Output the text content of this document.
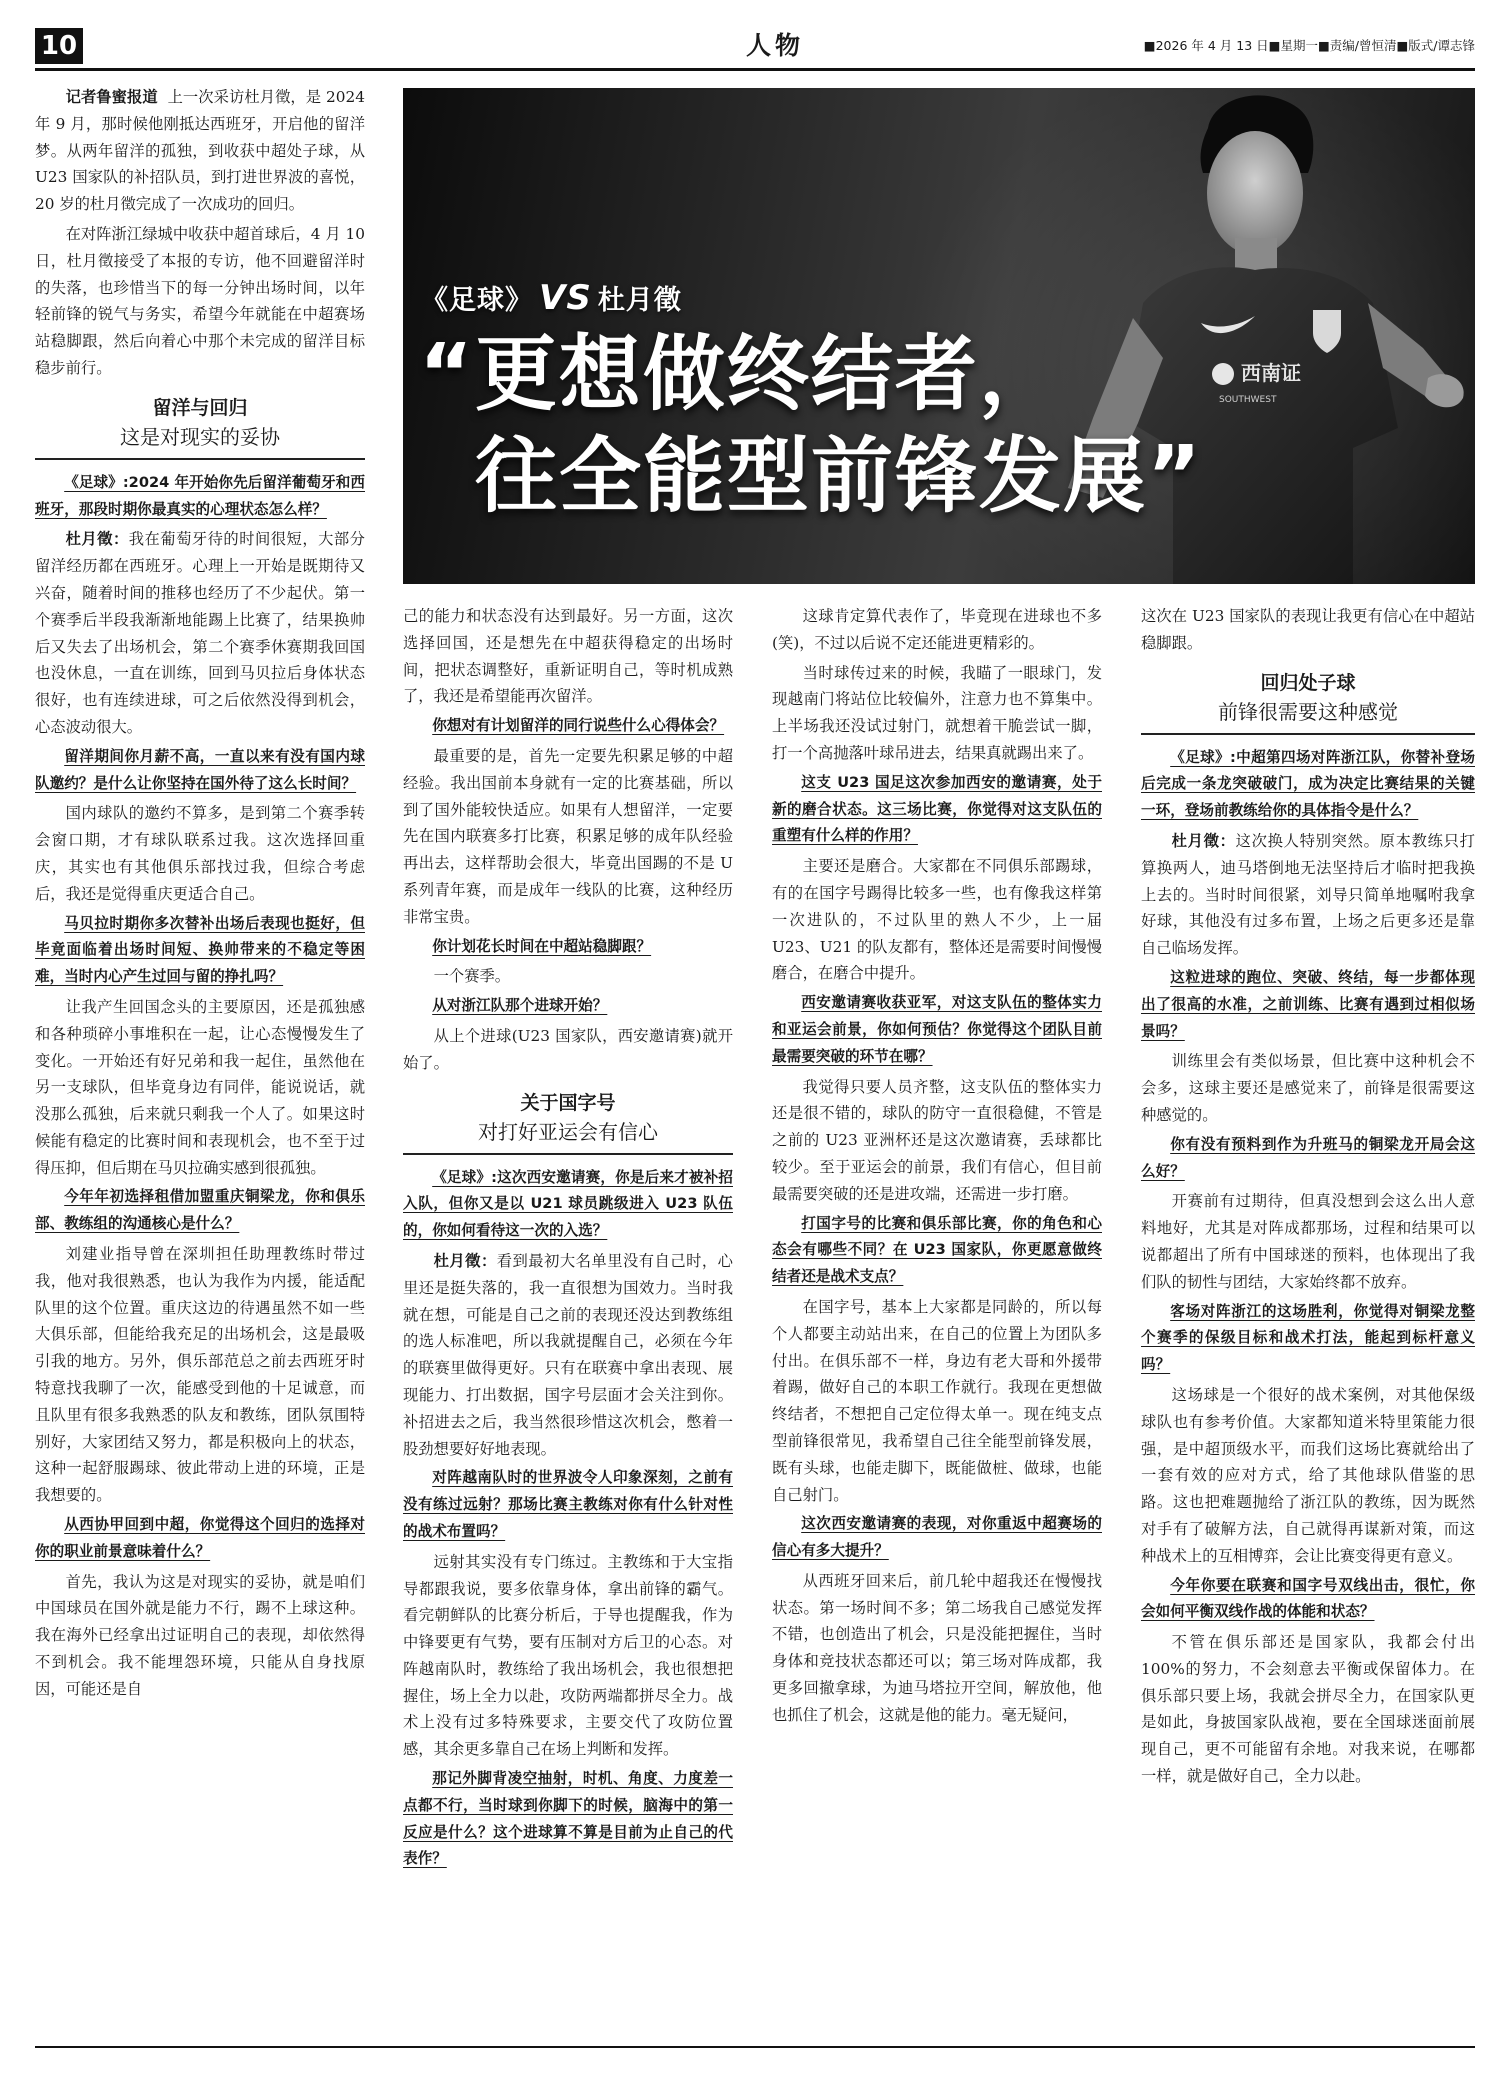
10	人物	■2026 年 4 月 13 日■星期一■责编/曾恒清■版式/谭志锋
西南证
SOUTHWEST
《足球》 VS 杜月徵
“更想做终结者，
往全能型前锋发展”

记者鲁蜜报道 上一次采访杜月徵，是 2024 年 9 月，那时候他刚抵达西班牙，开启他的留洋梦。从两年留洋的孤独，到收获中超处子球，从 U23 国家队的补招队员，到打进世界波的喜悦，20 岁的杜月徵完成了一次成功的回归。

在对阵浙江绿城中收获中超首球后，4 月 10 日，杜月徵接受了本报的专访，他不回避留洋时的失落，也珍惜当下的每一分钟出场时间，以年轻前锋的锐气与务实，希望今年就能在中超赛场站稳脚跟，然后向着心中那个未完成的留洋目标稳步前行。

留洋与回归
这是对现实的妥协

《足球》:2024 年开始你先后留洋葡萄牙和西班牙，那段时期你最真实的心理状态怎么样？

杜月徵：我在葡萄牙待的时间很短，大部分留洋经历都在西班牙。心理上一开始是既期待又兴奋，随着时间的推移也经历了不少起伏。第一个赛季后半段我渐渐地能踢上比赛了，结果换帅后又失去了出场机会，第二个赛季休赛期我回国也没休息，一直在训练，回到马贝拉后身体状态很好，也有连续进球，可之后依然没得到机会，心态波动很大。

留洋期间你月薪不高，一直以来有没有国内球队邀约？是什么让你坚持在国外待了这么长时间？

国内球队的邀约不算多，是到第二个赛季转会窗口期，才有球队联系过我。这次选择回重庆，其实也有其他俱乐部找过我，但综合考虑后，我还是觉得重庆更适合自己。

马贝拉时期你多次替补出场后表现也挺好，但毕竟面临着出场时间短、换帅带来的不稳定等困难，当时内心产生过回与留的挣扎吗？

让我产生回国念头的主要原因，还是孤独感和各种琐碎小事堆积在一起，让心态慢慢发生了变化。一开始还有好兄弟和我一起住，虽然他在另一支球队，但毕竟身边有同伴，能说说话，就没那么孤独，后来就只剩我一个人了。如果这时候能有稳定的比赛时间和表现机会，也不至于过得压抑，但后期在马贝拉确实感到很孤独。

今年年初选择租借加盟重庆铜梁龙，你和俱乐部、教练组的沟通核心是什么？

刘建业指导曾在深圳担任助理教练时带过我，他对我很熟悉，也认为我作为内援，能适配队里的这个位置。重庆这边的待遇虽然不如一些大俱乐部，但能给我充足的出场机会，这是最吸引我的地方。另外，俱乐部范总之前去西班牙时特意找我聊了一次，能感受到他的十足诚意，而且队里有很多我熟悉的队友和教练，团队氛围特别好，大家团结又努力，都是积极向上的状态，这种一起舒服踢球、彼此带动上进的环境，正是我想要的。

从西协甲回到中超，你觉得这个回归的选择对你的职业前景意味着什么？

首先，我认为这是对现实的妥协，就是咱们中国球员在国外就是能力不行，踢不上球这种。我在海外已经拿出过证明自己的表现，却依然得不到机会。我不能埋怨环境，只能从自身找原因，可能还是自

己的能力和状态没有达到最好。另一方面，这次选择回国，还是想先在中超获得稳定的出场时间，把状态调整好，重新证明自己，等时机成熟了，我还是希望能再次留洋。

你想对有计划留洋的同行说些什么心得体会？

最重要的是，首先一定要先积累足够的中超经验。我出国前本身就有一定的比赛基础，所以到了国外能较快适应。如果有人想留洋，一定要先在国内联赛多打比赛，积累足够的成年队经验再出去，这样帮助会很大，毕竟出国踢的不是 U 系列青年赛，而是成年一线队的比赛，这种经历非常宝贵。

你计划花长时间在中超站稳脚跟？

一个赛季。

从对浙江队那个进球开始？

从上个进球(U23 国家队，西安邀请赛)就开始了。

关于国字号
对打好亚运会有信心

《足球》:这次西安邀请赛，你是后来才被补招入队，但你又是以 U21 球员跳级进入 U23 队伍的，你如何看待这一次的入选？

杜月徵：看到最初大名单里没有自己时，心里还是挺失落的，我一直很想为国效力。当时我就在想，可能是自己之前的表现还没达到教练组的选人标准吧，所以我就提醒自己，必须在今年的联赛里做得更好。只有在联赛中拿出表现、展现能力、打出数据，国字号层面才会关注到你。补招进去之后，我当然很珍惜这次机会，憋着一股劲想要好好地表现。

对阵越南队时的世界波令人印象深刻，之前有没有练过远射？那场比赛主教练对你有什么针对性的战术布置吗？

远射其实没有专门练过。主教练和于大宝指导都跟我说，要多依靠身体，拿出前锋的霸气。看完朝鲜队的比赛分析后，于导也提醒我，作为中锋要更有气势，要有压制对方后卫的心态。对阵越南队时，教练给了我出场机会，我也很想把握住，场上全力以赴，攻防两端都拼尽全力。战术上没有过多特殊要求，主要交代了攻防位置感，其余更多靠自己在场上判断和发挥。

那记外脚背凌空抽射，时机、角度、力度差一点都不行，当时球到你脚下的时候，脑海中的第一反应是什么？这个进球算不算是目前为止自己的代表作？

这球肯定算代表作了，毕竟现在进球也不多(笑)，不过以后说不定还能进更精彩的。

当时球传过来的时候，我瞄了一眼球门，发现越南门将站位比较偏外，注意力也不算集中。上半场我还没试过射门，就想着干脆尝试一脚，打一个高抛落叶球吊进去，结果真就踢出来了。

这支 U23 国足这次参加西安的邀请赛，处于新的磨合状态。这三场比赛，你觉得对这支队伍的重塑有什么样的作用？

主要还是磨合。大家都在不同俱乐部踢球，有的在国字号踢得比较多一些，也有像我这样第一次进队的，不过队里的熟人不少，上一届 U23、U21 的队友都有，整体还是需要时间慢慢磨合，在磨合中提升。

西安邀请赛收获亚军，对这支队伍的整体实力和亚运会前景，你如何预估？你觉得这个团队目前最需要突破的环节在哪？

我觉得只要人员齐整，这支队伍的整体实力还是很不错的，球队的防守一直很稳健，不管是之前的 U23 亚洲杯还是这次邀请赛，丢球都比较少。至于亚运会的前景，我们有信心，但目前最需要突破的还是进攻端，还需进一步打磨。

打国字号的比赛和俱乐部比赛，你的角色和心态会有哪些不同？在 U23 国家队，你更愿意做终结者还是战术支点？

在国字号，基本上大家都是同龄的，所以每个人都要主动站出来，在自己的位置上为团队多付出。在俱乐部不一样，身边有老大哥和外援带着踢，做好自己的本职工作就行。我现在更想做终结者，不想把自己定位得太单一。现在纯支点型前锋很常见，我希望自己往全能型前锋发展，既有头球，也能走脚下，既能做桩、做球，也能自己射门。

这次西安邀请赛的表现，对你重返中超赛场的信心有多大提升？

从西班牙回来后，前几轮中超我还在慢慢找状态。第一场时间不多；第二场我自己感觉发挥不错，也创造出了机会，只是没能把握住，当时身体和竞技状态都还可以；第三场对阵成都，我更多回撤拿球，为迪马塔拉开空间，解放他，他也抓住了机会，这就是他的能力。毫无疑问，

这次在 U23 国家队的表现让我更有信心在中超站稳脚跟。

回归处子球
前锋很需要这种感觉

《足球》:中超第四场对阵浙江队，你替补登场后完成一条龙突破破门，成为决定比赛结果的关键一环，登场前教练给你的具体指令是什么？

杜月徵：这次换人特别突然。原本教练只打算换两人，迪马塔倒地无法坚持后才临时把我换上去的。当时时间很紧，刘导只简单地嘱咐我拿好球，其他没有过多布置，上场之后更多还是靠自己临场发挥。

这粒进球的跑位、突破、终结，每一步都体现出了很高的水准，之前训练、比赛有遇到过相似场景吗？

训练里会有类似场景，但比赛中这种机会不会多，这球主要还是感觉来了，前锋是很需要这种感觉的。

你有没有预料到作为升班马的铜梁龙开局会这么好？

开赛前有过期待，但真没想到会这么出人意料地好，尤其是对阵成都那场，过程和结果可以说都超出了所有中国球迷的预料，也体现出了我们队的韧性与团结，大家始终都不放弃。

客场对阵浙江的这场胜利，你觉得对铜梁龙整个赛季的保级目标和战术打法，能起到标杆意义吗？

这场球是一个很好的战术案例，对其他保级球队也有参考价值。大家都知道米特里策能力很强，是中超顶级水平，而我们这场比赛就给出了一套有效的应对方式，给了其他球队借鉴的思路。这也把难题抛给了浙江队的教练，因为既然对手有了破解方法，自己就得再谋新对策，而这种战术上的互相博弈，会让比赛变得更有意义。

今年你要在联赛和国字号双线出击，很忙，你会如何平衡双线作战的体能和状态？

不管在俱乐部还是国家队，我都会付出 100%的努力，不会刻意去平衡或保留体力。在俱乐部只要上场，我就会拼尽全力，在国家队更是如此，身披国家队战袍，要在全国球迷面前展现自己，更不可能留有余地。对我来说，在哪都一样，就是做好自己，全力以赴。
